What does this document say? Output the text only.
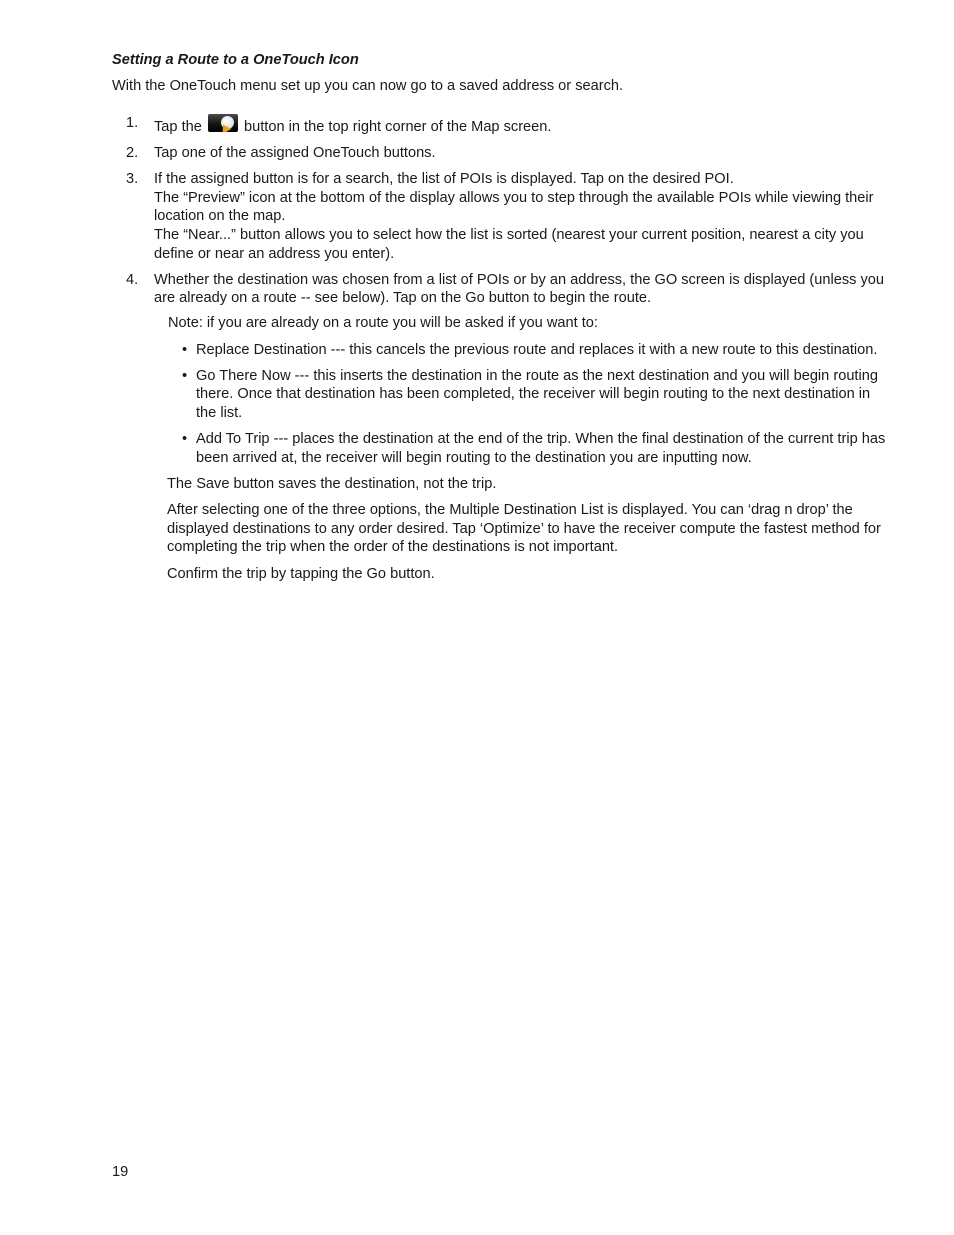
Setting a Route to a OneTouch Icon

With the OneTouch menu set up you can now go to a saved address or search.

1. Tap the	button in the top right corner of the Map screen.

2. Tap one of the assigned OneTouch buttons.

3. If the assigned button is for a search, the list of POIs is displayed. Tap on the desired POI.

The “Preview” icon at the bottom of the display allows you to step through the available POIs while viewing their location on the map.

The “Near...” button allows you to select how the list is sorted (nearest your current position, nearest a city you define or near an address you enter).

4. Whether the destination was chosen from a list of POIs or by an address, the GO screen is displayed (unless you are already on a route -- see below). Tap on the Go button to begin the route.

Note: if you are already on a route you will be asked if you want to:

• Replace Destination --- this cancels the previous route and replaces it with a new route to this destination.
• Go There Now --- this inserts the destination in the route as the next destination and you will begin routing there. Once that destination has been completed, the receiver will begin routing to the next destination in the list.
• Add To Trip --- places the destination at the end of the trip. When the final destination of the current trip has been arrived at, the receiver will begin routing to the destination you are inputting now.

The Save button saves the destination, not the trip.

After selecting one of the three options, the Multiple Destination List is displayed. You can ‘drag n drop’ the displayed destinations to any order desired. Tap ‘Optimize’ to have the receiver compute the fastest method for completing the trip when the order of the destinations is not important.

Confirm the trip by tapping the Go button.

19
